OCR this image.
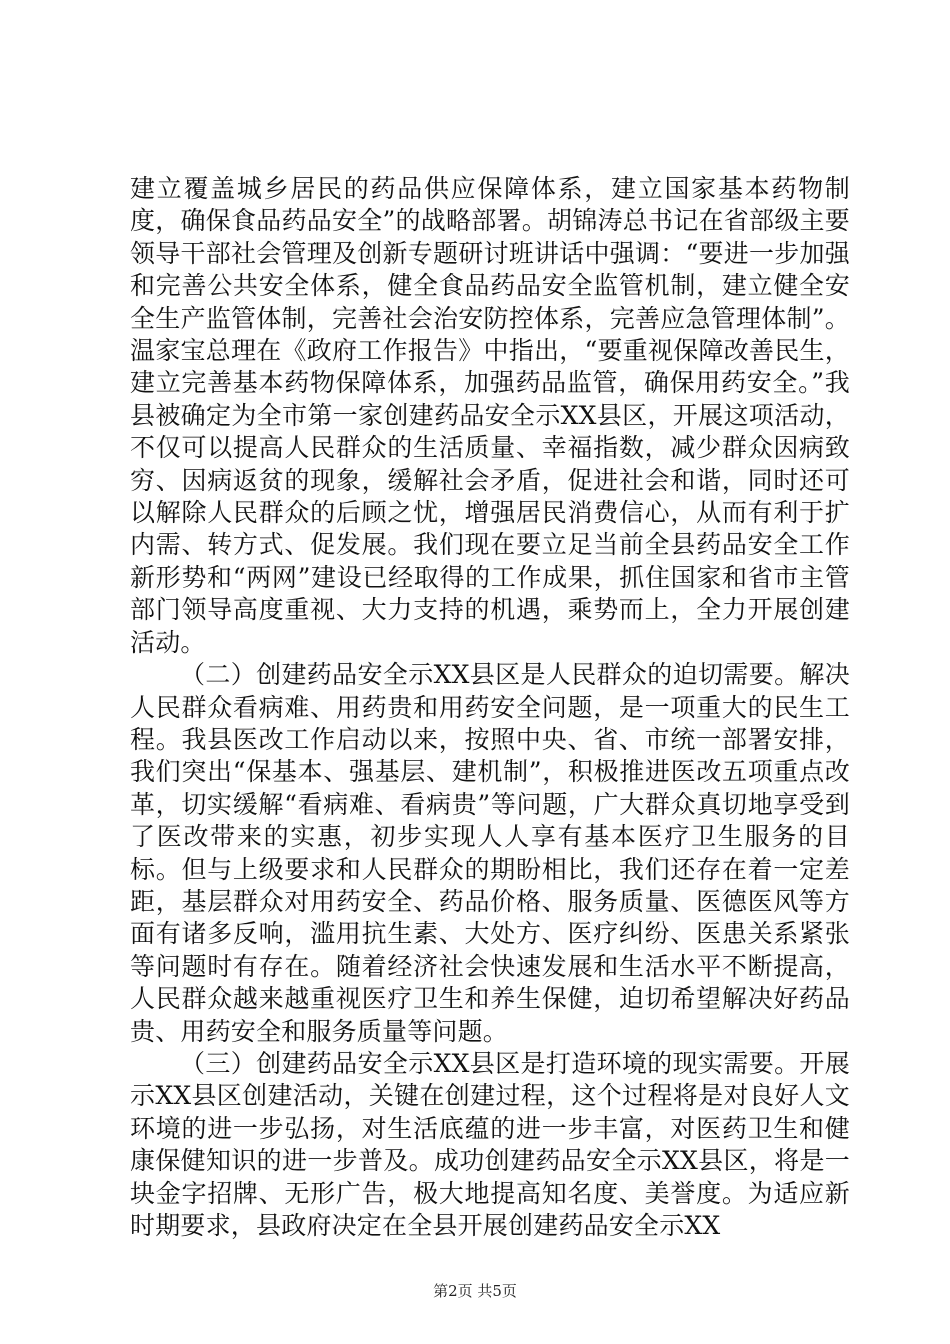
建立覆盖城乡居民的药品供应保障体系，建立国家基本药物制度，确保食品药品安全”的战略部署。胡锦涛总书记在省部级主要领导干部社会管理及创新专题研讨班讲话中强调：“要进一步加强和完善公共安全体系，健全食品药品安全监管机制，建立健全安全生产监管体制，完善社会治安防控体系，完善应急管理体制”。温家宝总理在《政府工作报告》中指出，“要重视保障改善民生，建立完善基本药物保障体系，加强药品监管，确保用药安全。”我县被确定为全市第一家创建药品安全示XX县区，开展这项活动，不仅可以提高人民群众的生活质量、幸福指数，减少群众因病致穷、因病返贫的现象，缓解社会矛盾，促进社会和谐，同时还可以解除人民群众的后顾之忧，增强居民消费信心，从而有利于扩内需、转方式、促发展。我们现在要立足当前全县药品安全工作新形势和“两网”建设已经取得的工作成果，抓住国家和省市主管部门领导高度重视、大力支持的机遇，乘势而上，全力开展创建活动。

（二）创建药品安全示XX县区是人民群众的迫切需要。解决人民群众看病难、用药贵和用药安全问题，是一项重大的民生工程。我县医改工作启动以来，按照中央、省、市统一部署安排，我们突出“保基本、强基层、建机制”，积极推进医改五项重点改革，切实缓解“看病难、看病贵”等问题，广大群众真切地享受到了医改带来的实惠，初步实现人人享有基本医疗卫生服务的目标。但与上级要求和人民群众的期盼相比，我们还存在着一定差距，基层群众对用药安全、药品价格、服务质量、医德医风等方面有诸多反响，滥用抗生素、大处方、医疗纠纷、医患关系紧张等问题时有存在。随着经济社会快速发展和生活水平不断提高，人民群众越来越重视医疗卫生和养生保健，迫切希望解决好药品贵、用药安全和服务质量等问题。

（三）创建药品安全示XX县区是打造环境的现实需要。开展示XX县区创建活动，关键在创建过程，这个过程将是对良好人文环境的进一步弘扬，对生活底蕴的进一步丰富，对医药卫生和健康保健知识的进一步普及。成功创建药品安全示XX县区，将是一块金字招牌、无形广告，极大地提高知名度、美誉度。为适应新时期要求，县政府决定在全县开展创建药品安全示XX

第2页 共5页
